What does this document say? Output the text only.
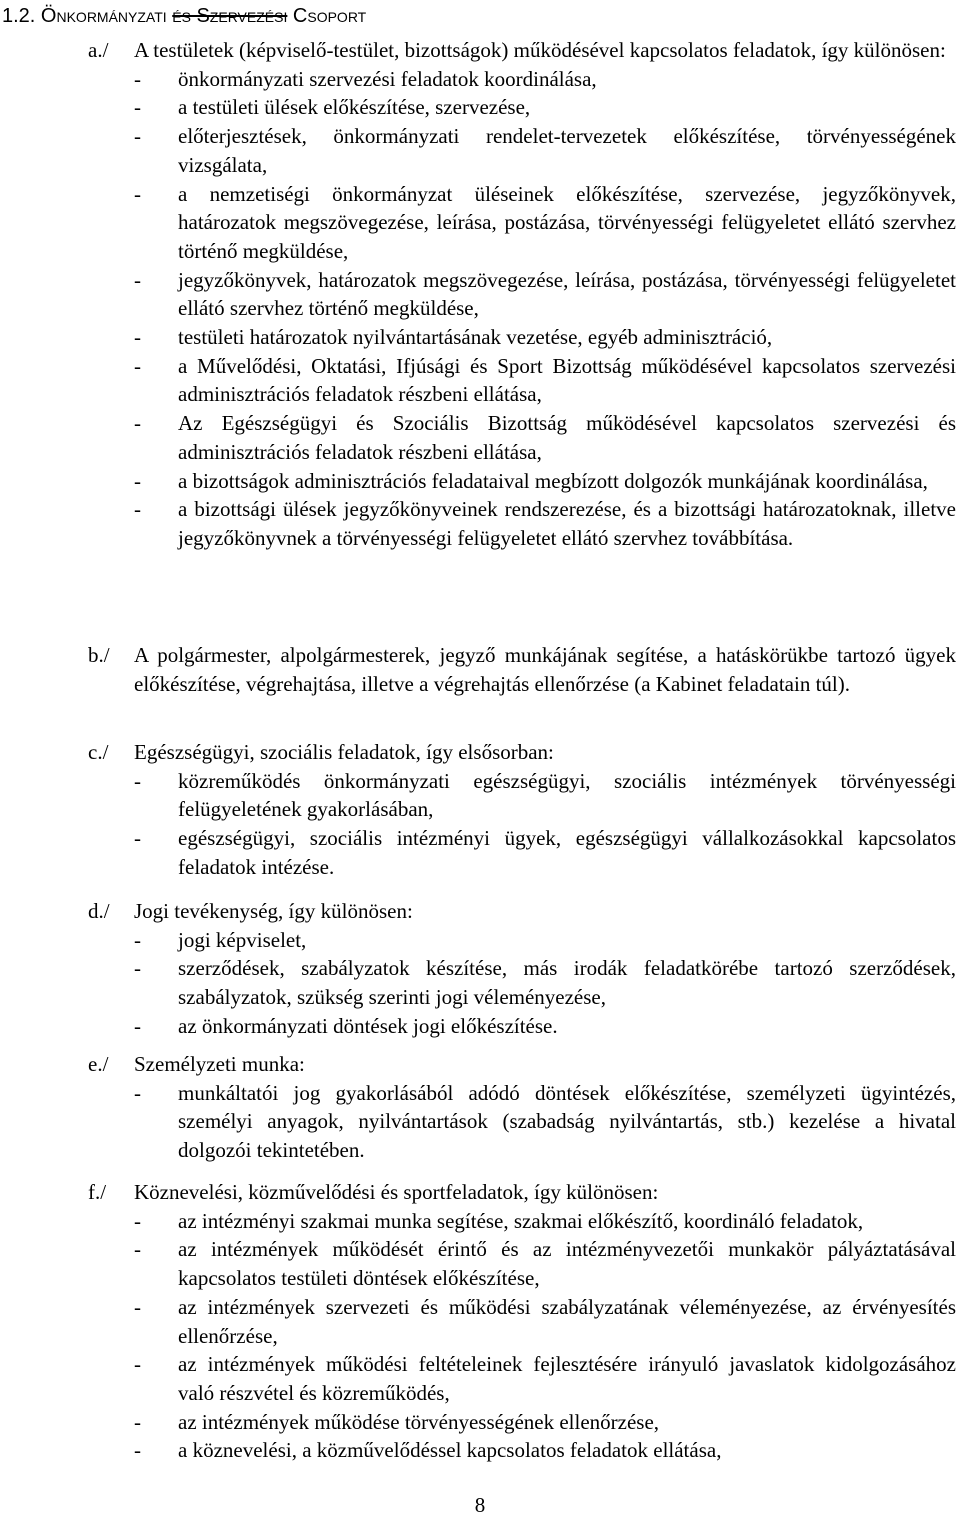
1.2. Önkormányzati és Szervezési Csoport
a./	A testületek (képviselő-testület, bizottságok) működésével kapcsolatos feladatok, így különösen:
-	önkormányzati szervezési feladatok koordinálása,
-	a testületi ülések előkészítése, szervezése,
-	előterjesztések, önkormányzati rendelet-tervezetek előkészítése, törvényességének vizsgálata,
-	a nemzetiségi önkormányzat üléseinek előkészítése, szervezése, jegyzőkönyvek, határozatok megszövegezése, leírása, postázása, törvényességi felügyeletet ellátó szervhez történő megküldése,
-	jegyzőkönyvek, határozatok megszövegezése, leírása, postázása, törvényességi felügyeletet ellátó szervhez történő megküldése,
-	testületi határozatok nyilvántartásának vezetése, egyéb adminisztráció,
-	a Művelődési, Oktatási, Ifjúsági és Sport Bizottság működésével kapcsolatos szervezési adminisztrációs feladatok részbeni ellátása,
-	Az Egészségügyi és Szociális Bizottság működésével kapcsolatos szervezési és adminisztrációs feladatok részbeni ellátása,
-	a bizottságok adminisztrációs feladataival megbízott dolgozók munkájának koordinálása,
-	a bizottsági ülések jegyzőkönyveinek rendszerezése, és a bizottsági határozatoknak, illetve jegyzőkönyvnek a törvényességi felügyeletet ellátó szervhez továbbítása.
b./	A polgármester, alpolgármesterek, jegyző munkájának segítése, a hatáskörükbe tartozó ügyek előkészítése, végrehajtása, illetve a végrehajtás ellenőrzése (a Kabinet feladatain túl).
c./	Egészségügyi, szociális feladatok, így elsősorban:
-	közreműködés önkormányzati egészségügyi, szociális intézmények törvényességi felügyeletének gyakorlásában,
-	egészségügyi, szociális intézményi ügyek, egészségügyi vállalkozásokkal kapcsolatos feladatok intézése.
d./	Jogi tevékenység, így különösen:
-	jogi képviselet,
-	szerződések, szabályzatok készítése, más irodák feladatkörébe tartozó szerződések, szabályzatok, szükség szerinti jogi véleményezése,
-	az önkormányzati döntések jogi előkészítése.
e./	Személyzeti munka:
-	munkáltatói jog gyakorlásából adódó döntések előkészítése, személyzeti ügyintézés, személyi anyagok, nyilvántartások (szabadság nyilvántartás, stb.) kezelése a hivatal dolgozói tekintetében.
f./	Köznevelési, közművelődési és sportfeladatok, így különösen:
-	az intézményi szakmai munka segítése, szakmai előkészítő, koordináló feladatok,
-	az intézmények működését érintő és az intézményvezetői munkakör pályáztatásával kapcsolatos testületi döntések előkészítése,
-	az intézmények szervezeti és működési szabályzatának véleményezése, az érvényesítés ellenőrzése,
-	az intézmények működési feltételeinek fejlesztésére irányuló javaslatok kidolgozásához való részvétel és közreműködés,
-	az intézmények működése törvényességének ellenőrzése,
-	a köznevelési, a közművelődéssel kapcsolatos feladatok ellátása,
8
